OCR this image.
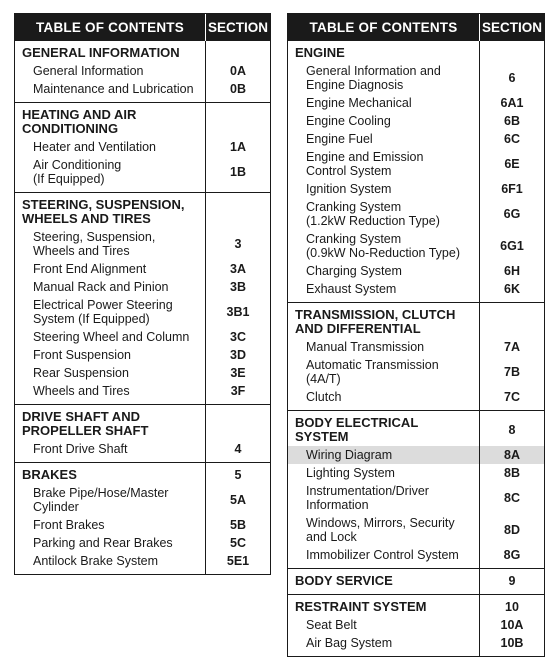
TABLE OF CONTENTS	SECTION
GENERAL INFORMATION
General Information	0A
Maintenance and Lubrication	0B
HEATING AND AIR
CONDITIONING
Heater and Ventilation	1A
Air Conditioning
(If Equipped)	1B
STEERING, SUSPENSION,
WHEELS AND TIRES
Steering, Suspension,
Wheels and Tires	3
Front End Alignment	3A
Manual Rack and Pinion	3B
Electrical Power Steering
System (If Equipped)	3B1
Steering Wheel and Column	3C
Front Suspension	3D
Rear Suspension	3E
Wheels and Tires	3F
DRIVE SHAFT AND
PROPELLER SHAFT
Front Drive Shaft	4
BRAKES	5
Brake Pipe/Hose/Master
Cylinder	5A
Front Brakes	5B
Parking and Rear Brakes	5C
Antilock Brake System	5E1
TABLE OF CONTENTS	SECTION
ENGINE
General Information and
Engine Diagnosis	6
Engine Mechanical	6A1
Engine Cooling	6B
Engine Fuel	6C
Engine and Emission
Control System	6E
Ignition System	6F1
Cranking System
(1.2kW Reduction Type)	6G
Cranking System
(0.9kW No-Reduction Type)	6G1
Charging System	6H
Exhaust System	6K
TRANSMISSION, CLUTCH
AND DIFFERENTIAL
Manual Transmission	7A
Automatic Transmission
(4A/T)	7B
Clutch	7C
BODY ELECTRICAL SYSTEM	8
Wiring Diagram	8A
Lighting System	8B
Instrumentation/Driver
Information	8C
Windows, Mirrors, Security
and Lock	8D
Immobilizer Control System	8G
BODY SERVICE	9
RESTRAINT SYSTEM	10
Seat Belt	10A
Air Bag System	10B
